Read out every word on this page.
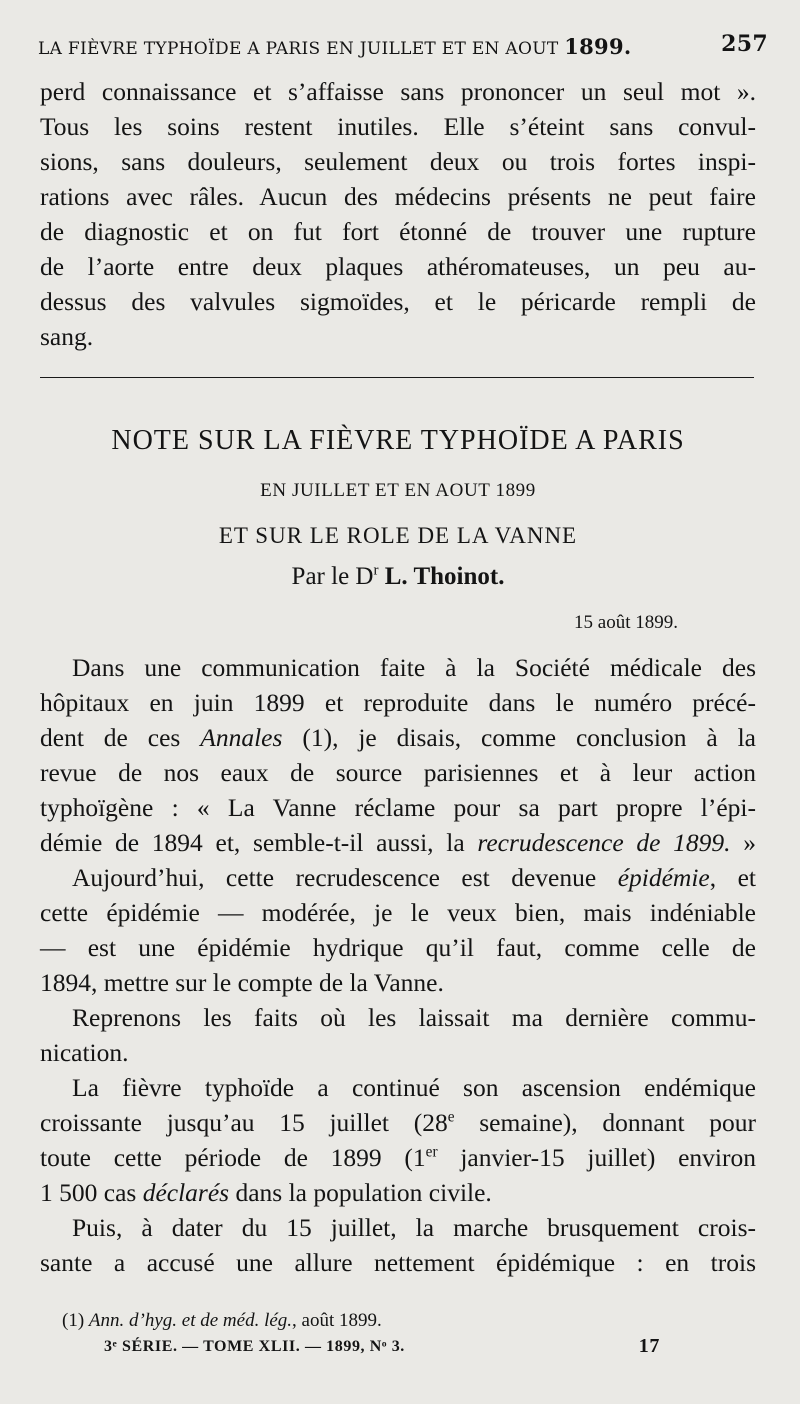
LA FIÈVRE TYPHOÏDE A PARIS EN JUILLET ET EN AOUT 1899.	257
perd connaissance et s’affaisse sans prononcer un seul mot ».
Tous les soins restent inutiles. Elle s’éteint sans convul-
sions, sans douleurs, seulement deux ou trois fortes inspi-
rations avec râles. Aucun des médecins présents ne peut faire
de diagnostic et on fut fort étonné de trouver une rupture
de l’aorte entre deux plaques athéromateuses, un peu au-
dessus des valvules sigmoïdes, et le péricarde rempli de
sang.
NOTE SUR LA FIÈVRE TYPHOÏDE A PARIS
EN JUILLET ET EN AOUT 1899
ET SUR LE ROLE DE LA VANNE
Par le $D^r$ L. Thoinot.
15 août 1899.
Dans une communication faite à la Société médicale des
hôpitaux en juin 1899 et reproduite dans le numéro précé-
dent de ces Annales (1), je disais, comme conclusion à la
revue de nos eaux de source parisiennes et à leur action
typhoïgène : « La Vanne réclame pour sa part propre l’épi-
démie de 1894 et, semble-t-il aussi, la recrudescence de 1899. »
Aujourd’hui, cette recrudescence est devenue épidémie, et
cette épidémie — modérée, je le veux bien, mais indéniable
— est une épidémie hydrique qu’il faut, comme celle de
1894, mettre sur le compte de la Vanne.
Reprenons les faits où les laissait ma dernière commu-
nication.
La fièvre typhoïde a continué son ascension endémique
croissante jusqu’au 15 juillet (28e semaine), donnant pour
toute cette période de 1899 (1er janvier-15 juillet) environ
1 500 cas déclarés dans la population civile.
Puis, à dater du 15 juillet, la marche brusquement crois-
sante a accusé une allure nettement épidémique : en trois
(1) Ann. d’hyg. et de méd. lég., août 1899.
3ᵉ SÉRIE. — TOME XLII. — 1899, Nᵒ 3.	17
